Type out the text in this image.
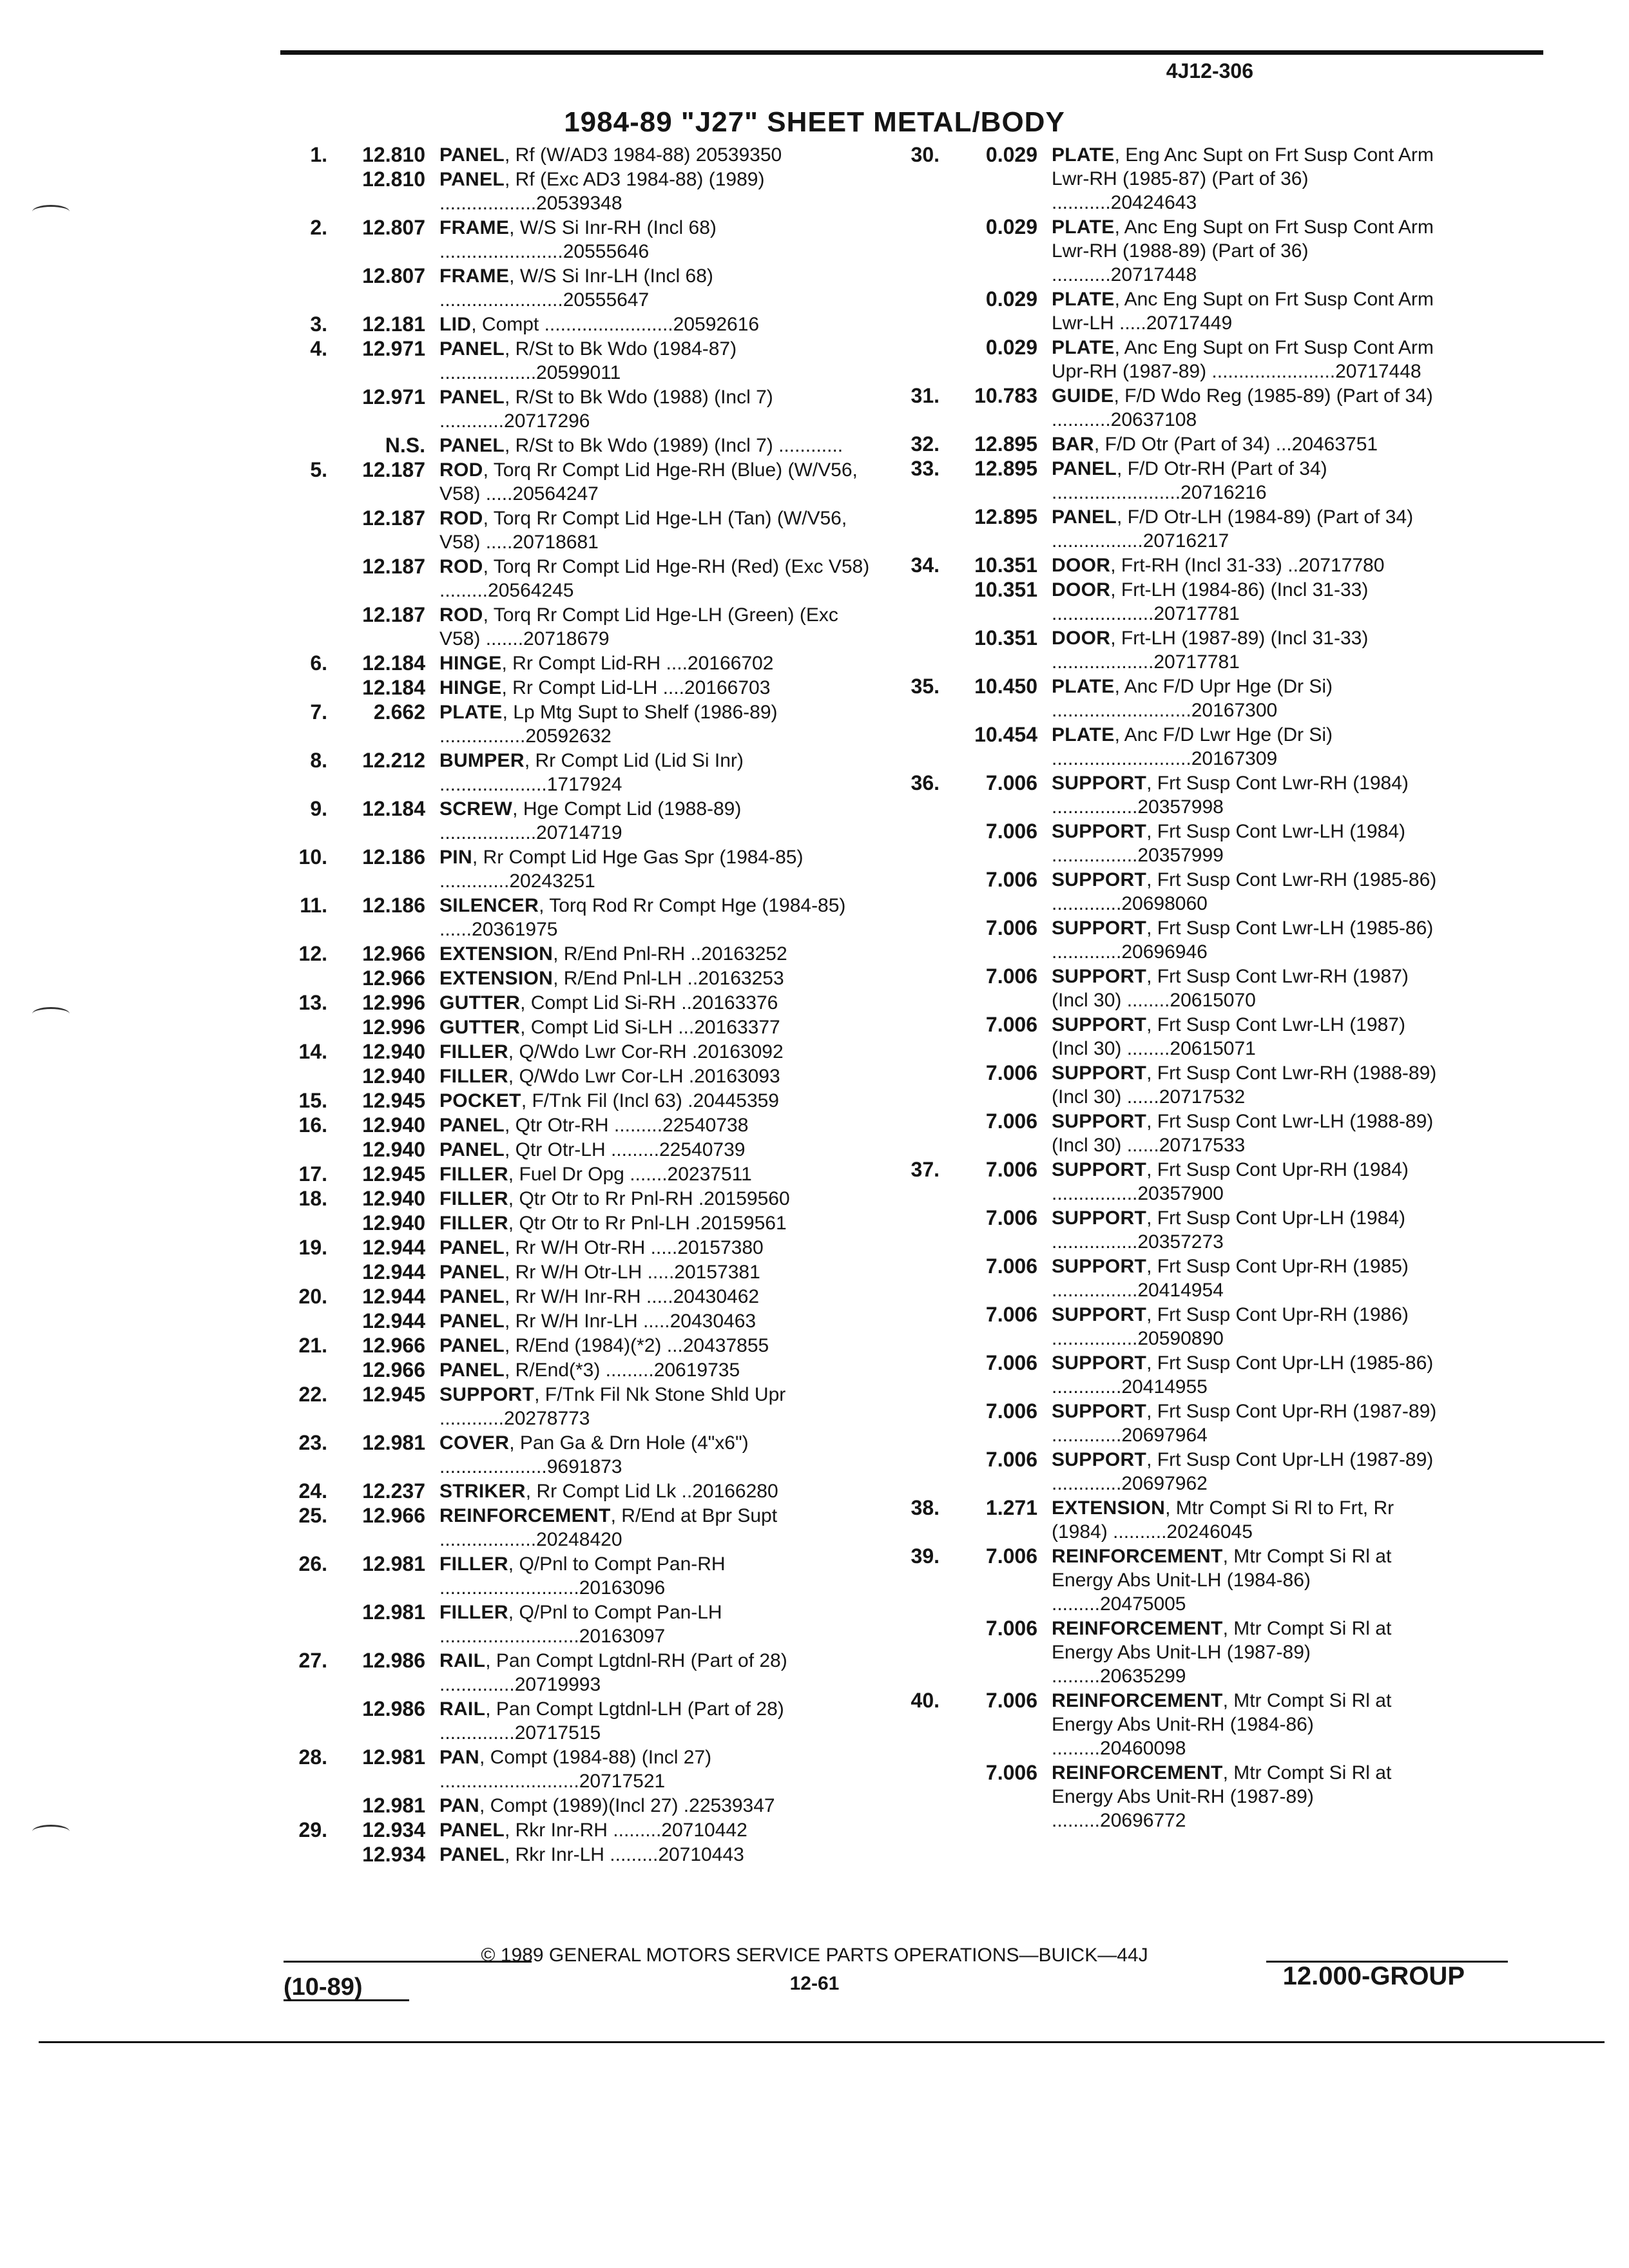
4J12-306
1984-89 "J27" SHEET METAL/BODY
1.	12.810 PANEL, Rf (W/AD3 1984-88) 20539350
12.810 PANEL, Rf (Exc AD3 1984-88) (1989) ..................20539348
2.	12.807 FRAME, W/S Si Inr-RH (Incl 68) .......................20555646
12.807 FRAME, W/S Si Inr-LH (Incl 68) .......................20555647
3.	12.181 LID, Compt ........................20592616
4.	12.971 PANEL, R/St to Bk Wdo (1984-87) ..................20599011
12.971 PANEL, R/St to Bk Wdo (1988) (Incl 7) ............20717296
N.S. PANEL, R/St to Bk Wdo (1989) (Incl 7) ............
5.	12.187 ROD, Torq Rr Compt Lid Hge-RH (Blue) (W/V56, V58) .....20564247
12.187 ROD, Torq Rr Compt Lid Hge-LH (Tan) (W/V56, V58) .....20718681
12.187 ROD, Torq Rr Compt Lid Hge-RH (Red) (Exc V58) .........20564245
12.187 ROD, Torq Rr Compt Lid Hge-LH (Green) (Exc V58) .......20718679
6.	12.184 HINGE, Rr Compt Lid-RH ....20166702
12.184 HINGE, Rr Compt Lid-LH ....20166703
7.	2.662 PLATE, Lp Mtg Supt to Shelf (1986-89) ................20592632
8.	12.212 BUMPER, Rr Compt Lid (Lid Si Inr) ....................1717924
9.	12.184 SCREW, Hge Compt Lid (1988-89) ..................20714719
10.	12.186 PIN, Rr Compt Lid Hge Gas Spr (1984-85) .............20243251
11.	12.186 SILENCER, Torq Rod Rr Compt Hge (1984-85) ......20361975
12.	12.966 EXTENSION, R/End Pnl-RH ..20163252
12.966 EXTENSION, R/End Pnl-LH ..20163253
13.	12.996 GUTTER, Compt Lid Si-RH ..20163376
12.996 GUTTER, Compt Lid Si-LH ...20163377
14.	12.940 FILLER, Q/Wdo Lwr Cor-RH .20163092
12.940 FILLER, Q/Wdo Lwr Cor-LH .20163093
15.	12.945 POCKET, F/Tnk Fil (Incl 63) .20445359
16.	12.940 PANEL, Qtr Otr-RH .........22540738
12.940 PANEL, Qtr Otr-LH .........22540739
17.	12.945 FILLER, Fuel Dr Opg .......20237511
18.	12.940 FILLER, Qtr Otr to Rr Pnl-RH .20159560
12.940 FILLER, Qtr Otr to Rr Pnl-LH .20159561
19.	12.944 PANEL, Rr W/H Otr-RH .....20157380
12.944 PANEL, Rr W/H Otr-LH .....20157381
20.	12.944 PANEL, Rr W/H Inr-RH .....20430462
12.944 PANEL, Rr W/H Inr-LH .....20430463
21.	12.966 PANEL, R/End (1984)(*2) ...20437855
12.966 PANEL, R/End(*3) .........20619735
22.	12.945 SUPPORT, F/Tnk Fil Nk Stone Shld Upr ............20278773
23.	12.981 COVER, Pan Ga & Drn Hole (4"x6") ....................9691873
24.	12.237 STRIKER, Rr Compt Lid Lk ..20166280
25.	12.966 REINFORCEMENT, R/End at Bpr Supt ..................20248420
26.	12.981 FILLER, Q/Pnl to Compt Pan-RH ..........................20163096
12.981 FILLER, Q/Pnl to Compt Pan-LH ..........................20163097
27.	12.986 RAIL, Pan Compt Lgtdnl-RH (Part of 28) ..............20719993
12.986 RAIL, Pan Compt Lgtdnl-LH (Part of 28) ..............20717515
28.	12.981 PAN, Compt (1984-88) (Incl 27) ..........................20717521
12.981 PAN, Compt (1989)(Incl 27) .22539347
29.	12.934 PANEL, Rkr Inr-RH .........20710442
12.934 PANEL, Rkr Inr-LH .........20710443
30.	0.029 PLATE, Eng Anc Supt on Frt Susp Cont Arm Lwr-RH (1985-87) (Part of 36) ...........20424643
0.029 PLATE, Anc Eng Supt on Frt Susp Cont Arm Lwr-RH (1988-89) (Part of 36) ...........20717448
0.029 PLATE, Anc Eng Supt on Frt Susp Cont Arm Lwr-LH .....20717449
0.029 PLATE, Anc Eng Supt on Frt Susp Cont Arm Upr-RH (1987-89) .......................20717448
31.	10.783 GUIDE, F/D Wdo Reg (1985-89) (Part of 34) ...........20637108
32.	12.895 BAR, F/D Otr (Part of 34) ...20463751
33.	12.895 PANEL, F/D Otr-RH (Part of 34) ........................20716216
12.895 PANEL, F/D Otr-LH (1984-89) (Part of 34) .................20716217
34.	10.351 DOOR, Frt-RH (Incl 31-33) ..20717780
10.351 DOOR, Frt-LH (1984-86) (Incl 31-33) ...................20717781
10.351 DOOR, Frt-LH (1987-89) (Incl 31-33) ...................20717781
35.	10.450 PLATE, Anc F/D Upr Hge (Dr Si) ..........................20167300
10.454 PLATE, Anc F/D Lwr Hge (Dr Si) ..........................20167309
36.	7.006 SUPPORT, Frt Susp Cont Lwr-RH (1984) ................20357998
7.006 SUPPORT, Frt Susp Cont Lwr-LH (1984) ................20357999
7.006 SUPPORT, Frt Susp Cont Lwr-RH (1985-86) .............20698060
7.006 SUPPORT, Frt Susp Cont Lwr-LH (1985-86) .............20696946
7.006 SUPPORT, Frt Susp Cont Lwr-RH (1987) (Incl 30) ........20615070
7.006 SUPPORT, Frt Susp Cont Lwr-LH (1987) (Incl 30) ........20615071
7.006 SUPPORT, Frt Susp Cont Lwr-RH (1988-89) (Incl 30) ......20717532
7.006 SUPPORT, Frt Susp Cont Lwr-LH (1988-89) (Incl 30) ......20717533
37.	7.006 SUPPORT, Frt Susp Cont Upr-RH (1984) ................20357900
7.006 SUPPORT, Frt Susp Cont Upr-LH (1984) ................20357273
7.006 SUPPORT, Frt Susp Cont Upr-RH (1985) ................20414954
7.006 SUPPORT, Frt Susp Cont Upr-RH (1986) ................20590890
7.006 SUPPORT, Frt Susp Cont Upr-LH (1985-86) .............20414955
7.006 SUPPORT, Frt Susp Cont Upr-RH (1987-89) .............20697964
7.006 SUPPORT, Frt Susp Cont Upr-LH (1987-89) .............20697962
38.	1.271 EXTENSION, Mtr Compt Si Rl to Frt, Rr (1984) ..........20246045
39.	7.006 REINFORCEMENT, Mtr Compt Si Rl at Energy Abs Unit-LH (1984-86) .........20475005
7.006 REINFORCEMENT, Mtr Compt Si Rl at Energy Abs Unit-LH (1987-89) .........20635299
40.	7.006 REINFORCEMENT, Mtr Compt Si Rl at Energy Abs Unit-RH (1984-86) .........20460098
7.006 REINFORCEMENT, Mtr Compt Si Rl at Energy Abs Unit-RH (1987-89) .........20696772
© 1989 GENERAL MOTORS SERVICE PARTS OPERATIONS—BUICK—44J
12-61
(10-89)	12.000-GROUP
